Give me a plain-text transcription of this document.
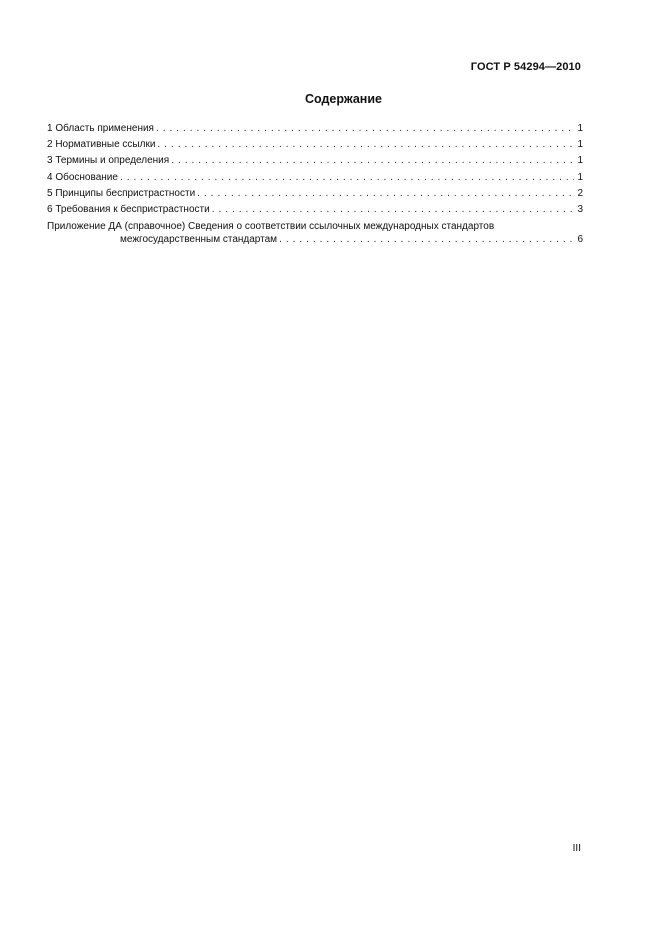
ГОСТ Р 54294—2010
Содержание
1 Область применения . . .	1
2 Нормативные ссылки . . .	1
3 Термины и определения . . .	1
4 Обоснование . . .	1
5 Принципы беспристрастности . . .	2
6 Требования к беспристрастности . . .	3
Приложение ДА (справочное) Сведения о соответствии ссылочных международных стандартов
межгосударственным стандартам . . .	6
III
